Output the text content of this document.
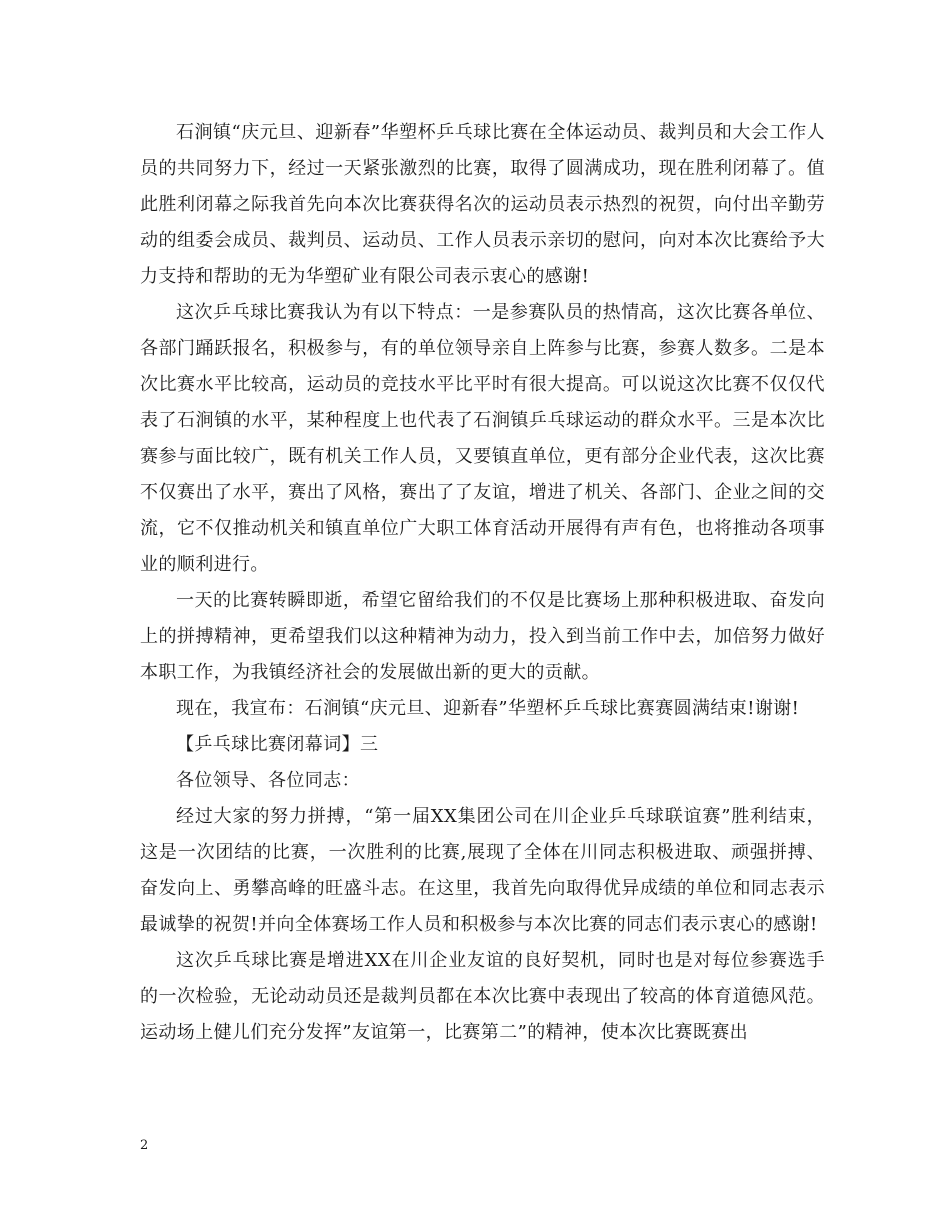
石涧镇“庆元旦、迎新春”华塑杯乒乓球比赛在全体运动员、裁判员和大会工作人员的共同努力下，经过一天紧张激烈的比赛，取得了圆满成功，现在胜利闭幕了。值此胜利闭幕之际我首先向本次比赛获得名次的运动员表示热烈的祝贺，向付出辛勤劳动的组委会成员、裁判员、运动员、工作人员表示亲切的慰问，向对本次比赛给予大力支持和帮助的无为华塑矿业有限公司表示衷心的感谢!

这次乒乓球比赛我认为有以下特点：一是参赛队员的热情高，这次比赛各单位、各部门踊跃报名，积极参与，有的单位领导亲自上阵参与比赛，参赛人数多。二是本次比赛水平比较高，运动员的竞技水平比平时有很大提高。可以说这次比赛不仅仅代表了石涧镇的水平，某种程度上也代表了石涧镇乒乓球运动的群众水平。三是本次比赛参与面比较广，既有机关工作人员，又要镇直单位，更有部分企业代表，这次比赛不仅赛出了水平，赛出了风格，赛出了了友谊，增进了机关、各部门、企业之间的交流，它不仅推动机关和镇直单位广大职工体育活动开展得有声有色，也将推动各项事业的顺利进行。

一天的比赛转瞬即逝，希望它留给我们的不仅是比赛场上那种积极进取、奋发向上的拼搏精神，更希望我们以这种精神为动力，投入到当前工作中去，加倍努力做好本职工作，为我镇经济社会的发展做出新的更大的贡献。

现在，我宣布：石涧镇“庆元旦、迎新春”华塑杯乒乓球比赛赛圆满结束!谢谢!

【乒乓球比赛闭幕词】三

各位领导、各位同志：

经过大家的努力拼搏，“第一届XX集团公司在川企业乒乓球联谊赛”胜利结束，这是一次团结的比赛，一次胜利的比赛,展现了全体在川同志积极进取、顽强拼搏、奋发向上、勇攀高峰的旺盛斗志。在这里，我首先向取得优异成绩的单位和同志表示最诚挚的祝贺!并向全体赛场工作人员和积极参与本次比赛的同志们表示衷心的感谢!

这次乒乓球比赛是增进XX在川企业友谊的良好契机，同时也是对每位参赛选手的一次检验，无论动动员还是裁判员都在本次比赛中表现出了较高的体育道德风范。运动场上健儿们充分发挥”友谊第一，比赛第二”的精神，使本次比赛既赛出

2
